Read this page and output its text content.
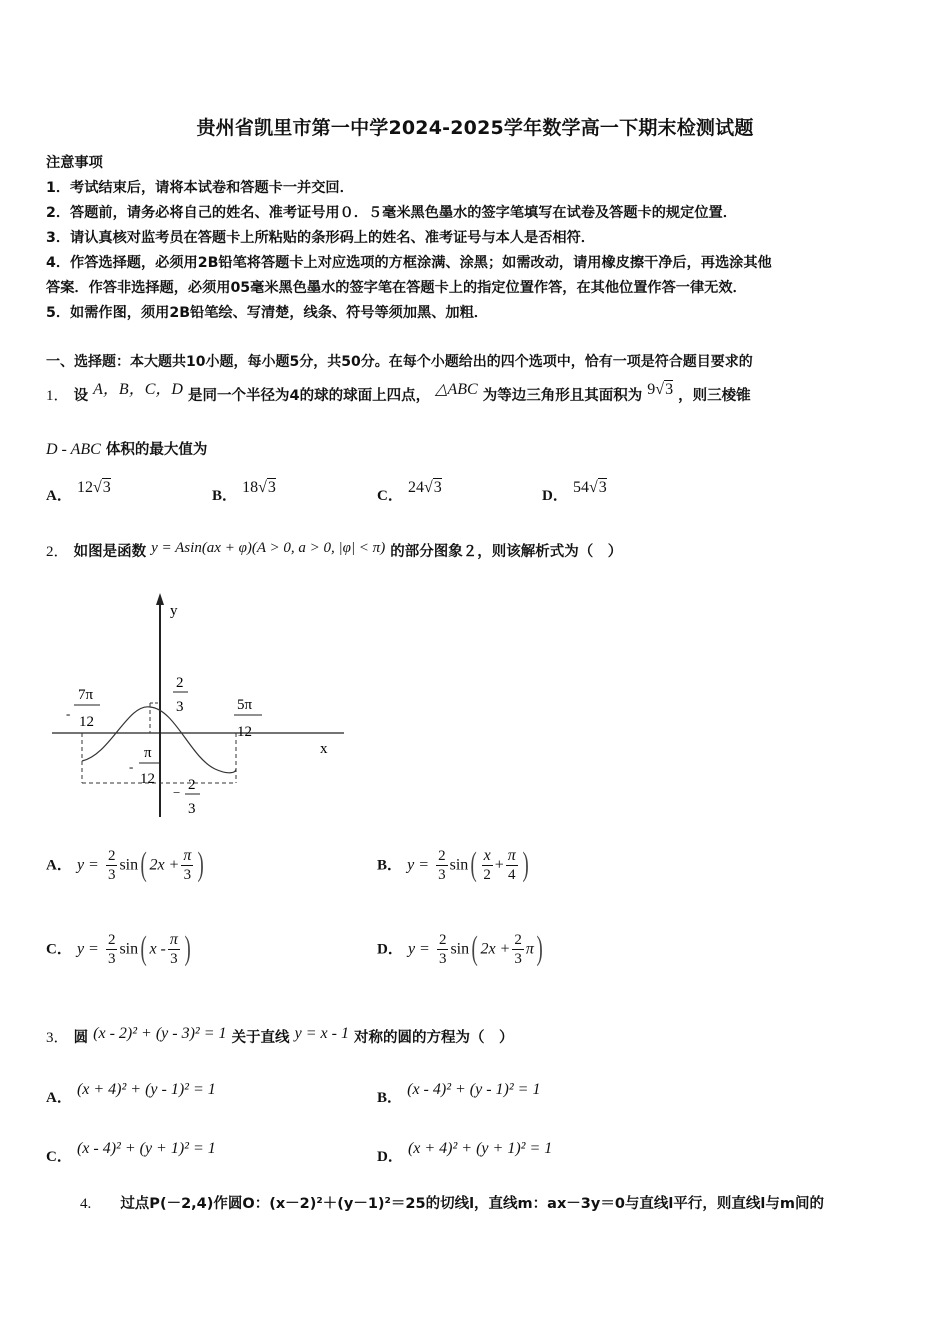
贵州省凯里市第一中学2024-2025学年数学高一下期末检测试题
注意事项
1．考试结束后，请将本试卷和答题卡一并交回．
2．答题前，请务必将自己的姓名、准考证号用０．５毫米黑色墨水的签字笔填写在试卷及答题卡的规定位置．
3．请认真核对监考员在答题卡上所粘贴的条形码上的姓名、准考证号与本人是否相符．
4．作答选择题，必须用2B铅笔将答题卡上对应选项的方框涂满、涂黑；如需改动，请用橡皮擦干净后，再选涂其他
答案．作答非选择题，必须用05毫米黑色墨水的签字笔在答题卡上的指定位置作答，在其他位置作答一律无效．
5．如需作图，须用2B铅笔绘、写清楚，线条、符号等须加黑、加粗．
一、选择题：本大题共10小题，每小题5分，共50分。在每个小题给出的四个选项中，恰有一项是符合题目要求的
1． 设 A，B，C，D 是同一个半径为4的球的球面上四点， △ABC 为等边三角形且其面积为 9√3 ，则三棱锥
D - ABC 体积的最大值为
A． 12√3	B． 18√3	C． 24√3	D． 54√3
2． 如图是函数 y = Asin(ax + φ)(A > 0, a > 0, |φ| < π) 的部分图象２，则该解析式为（　）
y
x
2
3
-
7π
12
5π
12
-
π
12
− 2
3
A． $y = \frac{2}{3} \sin$( $2x + \frac{\pi}{3}$ )	B． $y = \frac{2}{3} \sin( \frac{x}{2} + \frac{\pi}{4}$ )
C． $y = \frac{2}{3} \sin$( x - $\frac{\pi}{3}$ )	D． $y = \frac{2}{3} \sin$( $2x + \frac{2}{3} \pi$)
3． 圆 (x - 2)² + (y - 3)² = 1 关于直线 y = x - 1 对称的圆的方程为（　）
A． (x + 4)² + (y - 1)² = 1	B． (x - 4)² + (y - 1)² = 1
C． (x - 4)² + (y + 1)² = 1	D． (x + 4)² + (y + 1)² = 1
4. 过点P(－2,4)作圆O：(x－2)²＋(y－1)²＝25的切线l，直线m：ax－3y＝0与直线l平行，则直线l与m间的
